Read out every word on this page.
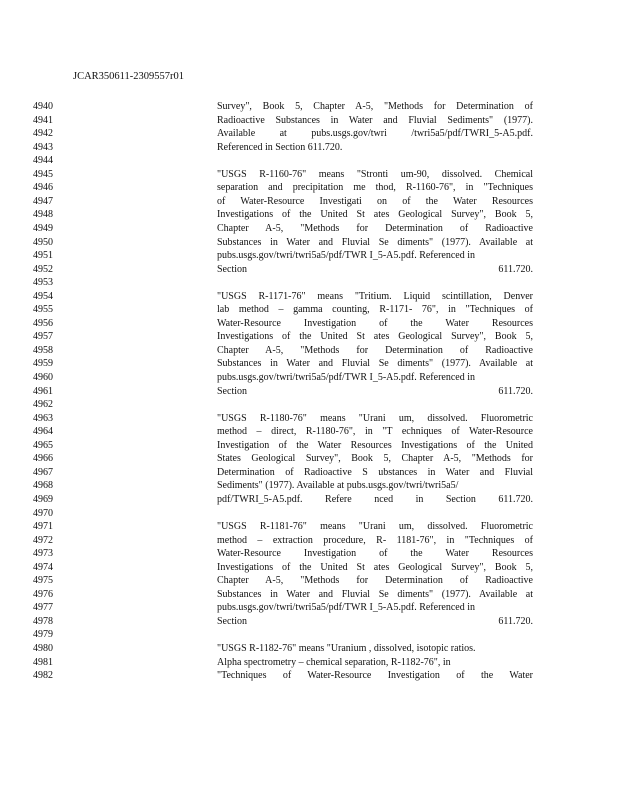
JCAR350611-2309557r01
4940	Survey", Book 5, Chapter A-5, "Methods for Determination of
4941	Radioactive Substances in Water and Fluvial Sediments" (1977).
4942	Available at pubs.usgs.gov/twri /twri5a5/pdf/TWRI_5-A5.pdf.
4943	Referenced in Section 611.720.
4944
4945	"USGS R-1160-76" means "Stronti um-90, dissolved. Chemical
4946	separation and precipitation me thod, R-1160-76", in "Techniques
4947	of Water-Resource Investigati on of the Water Resources
4948	Investigations of the United St ates Geological Survey", Book 5,
4949	Chapter A-5, "Methods for Determination of Radioactive
4950	Substances in Water and Fluvial Se diments" (1977). Available at
4951	pubs.usgs.gov/twri/twri5a5/pdf/TWR I_5-A5.pdf. Referenced in
4952	Section 611.720.
4953
4954	"USGS R-1171-76" means "Tritium. Liquid scintillation, Denver
4955	lab method – gamma counting, R-1171- 76", in "Techniques of
4956	Water-Resource Investigation of the Water Resources
4957	Investigations of the United St ates Geological Survey", Book 5,
4958	Chapter A-5, "Methods for Determination of Radioactive
4959	Substances in Water and Fluvial Se diments" (1977). Available at
4960	pubs.usgs.gov/twri/twri5a5/pdf/TWR I_5-A5.pdf. Referenced in
4961	Section 611.720.
4962
4963	"USGS R-1180-76" means "Urani um, dissolved. Fluorometric
4964	method – direct, R-1180-76", in "T echniques of Water-Resource
4965	Investigation of the Water Resources Investigations of the United
4966	States Geological Survey", Book 5, Chapter A-5, "Methods for
4967	Determination of Radioactive S ubstances in Water and Fluvial
4968	Sediments" (1977). Available at pubs.usgs.gov/twri/twri5a5/
4969	pdf/TWRI_5-A5.pdf. Refere nced in Section 611.720.
4970
4971	"USGS R-1181-76" means "Urani um, dissolved. Fluorometric
4972	method – extraction procedure, R- 1181-76", in "Techniques of
4973	Water-Resource Investigation of the Water Resources
4974	Investigations of the United St ates Geological Survey", Book 5,
4975	Chapter A-5, "Methods for Determination of Radioactive
4976	Substances in Water and Fluvial Se diments" (1977). Available at
4977	pubs.usgs.gov/twri/twri5a5/pdf/TWR I_5-A5.pdf. Referenced in
4978	Section 611.720.
4979
4980	"USGS R-1182-76" means "Uranium , dissolved, isotopic ratios.
4981	Alpha spectrometry – chemical separation, R-1182-76", in
4982	"Techniques of Water-Resource Investigation of the Water
